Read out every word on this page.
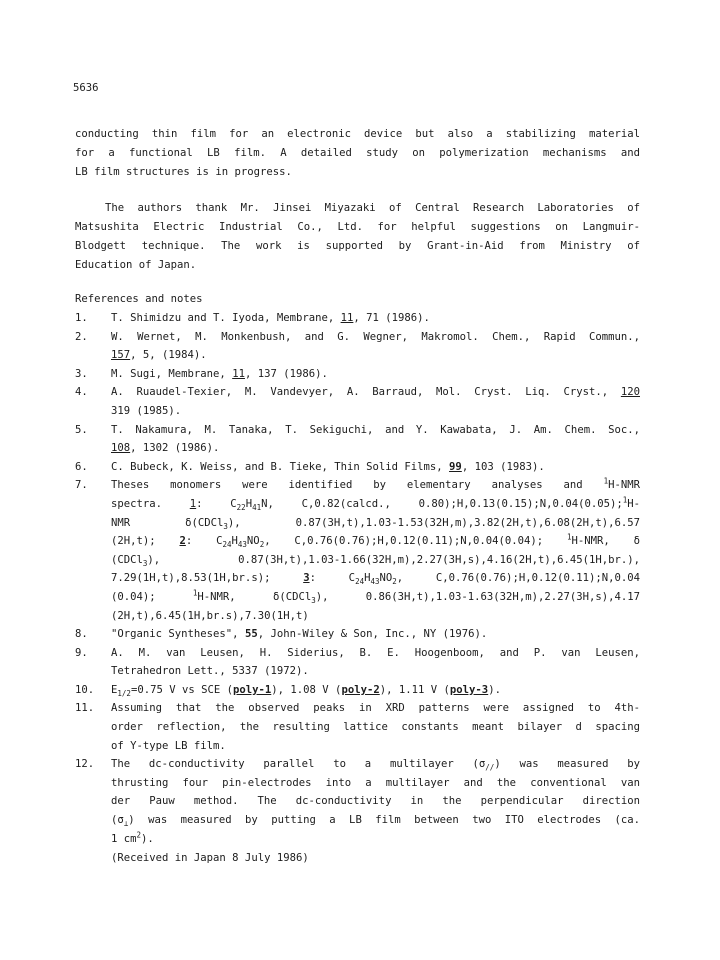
5636
conducting thin film for an electronic device but also a stabilizing material
for a functional LB film. A detailed study on polymerization mechanisms and
LB film structures is in progress.
The authors thank Mr. Jinsei Miyazaki of Central Research Laboratories of
Matsushita Electric Industrial Co., Ltd. for helpful suggestions on Langmuir-
Blodgett technique. The work is supported by Grant-in-Aid from Ministry of
Education of Japan.
References and notes
1. T. Shimidzu and T. Iyoda, Membrane, 11, 71 (1986).
2. W. Wernet, M. Monkenbush, and G. Wegner, Makromol. Chem., Rapid Commun.,
157, 5, (1984).
3. M. Sugi, Membrane, 11, 137 (1986).
4. A. Ruaudel-Texier, M. Vandevyer, A. Barraud, Mol. Cryst. Liq. Cryst., 120
319 (1985).
5. T. Nakamura, M. Tanaka, T. Sekiguchi, and Y. Kawabata, J. Am. Chem. Soc.,
108, 1302 (1986).
6. C. Bubeck, K. Weiss, and B. Tieke, Thin Solid Films, 99, 103 (1983).
7. Theses monomers were identified by elementary analyses and $^1$H-NMR
spectra. 1: $C_{22}H_{41}N$, C,0.82(calcd., 0.80);H,0.13(0.15);N,0.04(0.05);$^1$H-
NMR δ(CDCl$_3$), 0.87(3H,t),1.03-1.53(32H,m),3.82(2H,t),6.08(2H,t),6.57
(2H,t); 2: $C_{24}H_{43}NO_2$, C,0.76(0.76);H,0.12(0.11);N,0.04(0.04); $^1$H-NMR, δ
(CDCl$_3$), 0.87(3H,t),1.03-1.66(32H,m),2.27(3H,s),4.16(2H,t),6.45(1H,br.),
7.29(1H,t),8.53(1H,br.s); 3: $C_{24}H_{43}NO_2$, C,0.76(0.76);H,0.12(0.11);N,0.04
(0.04); $^1$H-NMR, δ(CDCl$_3$), 0.86(3H,t),1.03-1.63(32H,m),2.27(3H,s),4.17
(2H,t),6.45(1H,br.s),7.30(1H,t)
8. "Organic Syntheses", 55, John-Wiley & Son, Inc., NY (1976).
9. A. M. van Leusen, H. Siderius, B. E. Hoogenboom, and P. van Leusen,
Tetrahedron Lett., 5337 (1972).
10. $E_{1/2}=0.75$ V vs SCE (poly-1), 1.08 V (poly-2), 1.11 V (poly-3).
11. Assuming that the observed peaks in XRD patterns were assigned to 4th-
order reflection, the resulting lattice constants meant bilayer d spacing
of Y-type LB film.
12. The dc-conductivity parallel to a multilayer $(\sigma_{//})$ was measured by
thrusting four pin-electrodes into a multilayer and the conventional van
der Pauw method. The dc-conductivity in the perpendicular direction
$(\sigma_\perp)$ was measured by putting a LB film between two ITO electrodes (ca.
1 $cm^2$).
(Received in Japan 8 July 1986)
